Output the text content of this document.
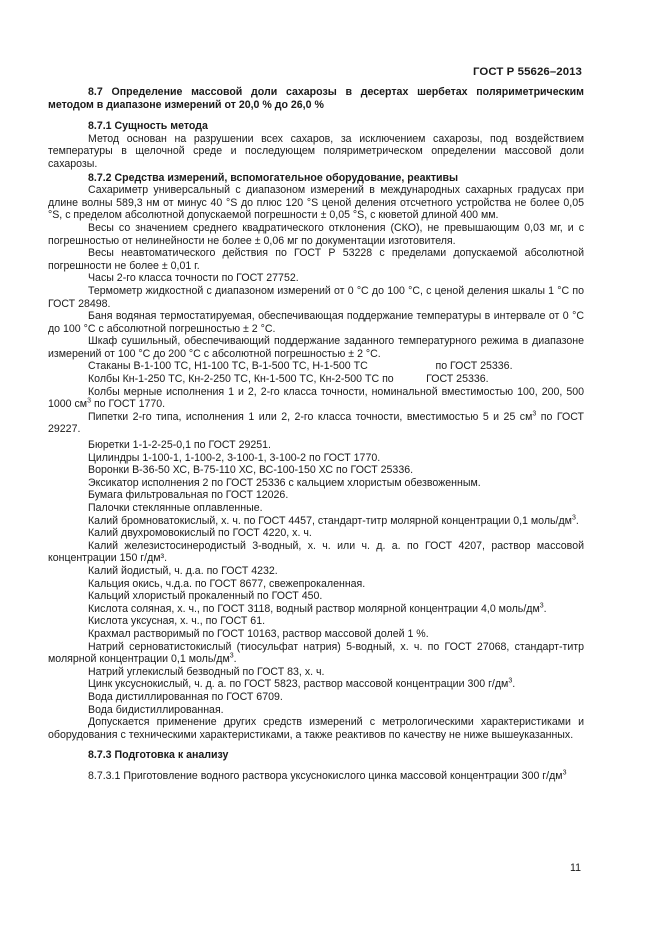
ГОСТ Р 55626–2013

8.7 Определение массовой доли сахарозы в десертах шербетах поляриметрическим методом в диапазоне измерений от 20,0 % до 26,0 %

8.7.1 Сущность метода

Метод основан на разрушении всех сахаров, за исключением сахарозы, под воздействием температуры в щелочной среде и последующем поляриметрическом определении массовой доли сахарозы.

8.7.2 Средства измерений, вспомогательное оборудование, реактивы

Сахариметр универсальный с диапазоном измерений в международных сахарных градусах при длине волны 589,3 нм от минус 40 °S до плюс 120 °S ценой деления отсчетного устройства не более 0,05 °S, с пределом абсолютной допускаемой погрешности ± 0,05 °S, с кюветой длиной 400 мм.

Весы со значением среднего квадратического отклонения (СКО), не превышающим 0,03 мг, и с погрешностью от нелинейности не более ± 0,06 мг по документации изготовителя.

Весы неавтоматического действия по ГОСТ Р 53228 с пределами допускаемой абсолютной погрешности не более ± 0,01 г.

Часы 2-го класса точности по ГОСТ 27752.

Термометр жидкостной с диапазоном измерений от 0 °С до 100 °С, с ценой деления шкалы 1 °С по ГОСТ 28498.

Баня водяная термостатируемая, обеспечивающая поддержание температуры в интервале от 0 °С до 100 °С с абсолютной погрешностью ± 2 °С.

Шкаф сушильный, обеспечивающий поддержание заданного температурного режима в диапазоне измерений от 100 °С до 200 °С с абсолютной погрешностью ± 2 °С.

Стаканы В-1-100 ТС, Н1-100 ТС, В-1-500 ТС, Н-1-500 ТС                       по ГОСТ 25336.

Колбы Кн-1-250 ТС, Кн-2-250 ТС, Кн-1-500 ТС, Кн-2-500 ТС по           ГОСТ 25336.

Колбы мерные исполнения 1 и 2, 2-го класса точности, номинальной вместимостью 100, 200, 500 1000 $см^3$ по ГОСТ 1770.

Пипетки 2-го типа, исполнения 1 или 2, 2-го класса точности, вместимостью 5 и 25 $см^3$ по ГОСТ 29227.

Бюретки 1-1-2-25-0,1 по ГОСТ 29251.

Цилиндры 1-100-1, 1-100-2, 3-100-1, 3-100-2 по ГОСТ 1770.

Воронки В-36-50 ХС, В-75-110 ХС, ВС-100-150 ХС по ГОСТ 25336.

Эксикатор исполнения 2 по ГОСТ 25336 с кальцием хлористым обезвоженным.

Бумага фильтровальная по ГОСТ 12026.

Палочки стеклянные оплавленные.

Калий бромноватокислый, х. ч. по ГОСТ 4457, стандарт-титр молярной концентрации 0,1 моль/$дм^3$.

Калий двухромовокислый по ГОСТ 4220, х. ч.

Калий железистосинеродистый 3-водный, х. ч. или ч. д. а. по ГОСТ 4207, раствор массовой концентрации 150 г/дм³.

Калий йодистый, ч. д.а. по ГОСТ 4232.

Кальция окись, ч.д.а. по ГОСТ 8677, свежепрокаленная.

Кальций хлористый прокаленный по ГОСТ 450.

Кислота соляная, х. ч., по ГОСТ 3118, водный раствор молярной концентрации 4,0 моль/$дм^3$.

Кислота уксусная, х. ч., по ГОСТ 61.

Крахмал растворимый по ГОСТ 10163, раствор массовой долей 1 %.

Натрий серноватистокислый (тиосульфат натрия) 5-водный, х. ч. по ГОСТ 27068, стандарт-титр молярной концентрации 0,1 моль/$дм^3$.

Натрий углекислый безводный по ГОСТ 83, х. ч.

Цинк уксуснокислый, ч. д. а. по ГОСТ 5823, раствор массовой концентрации 300 $г/дм^3$.

Вода дистиллированная по ГОСТ 6709.

Вода бидистиллированная.

Допускается применение других средств измерений с метрологическими характеристиками и оборудования с техническими характеристиками, а также реактивов по качеству не ниже вышеуказанных.

8.7.3 Подготовка к анализу

8.7.3.1 Приготовление водного раствора уксуснокислого цинка массовой концентрации 300 $г/дм^3$

11
